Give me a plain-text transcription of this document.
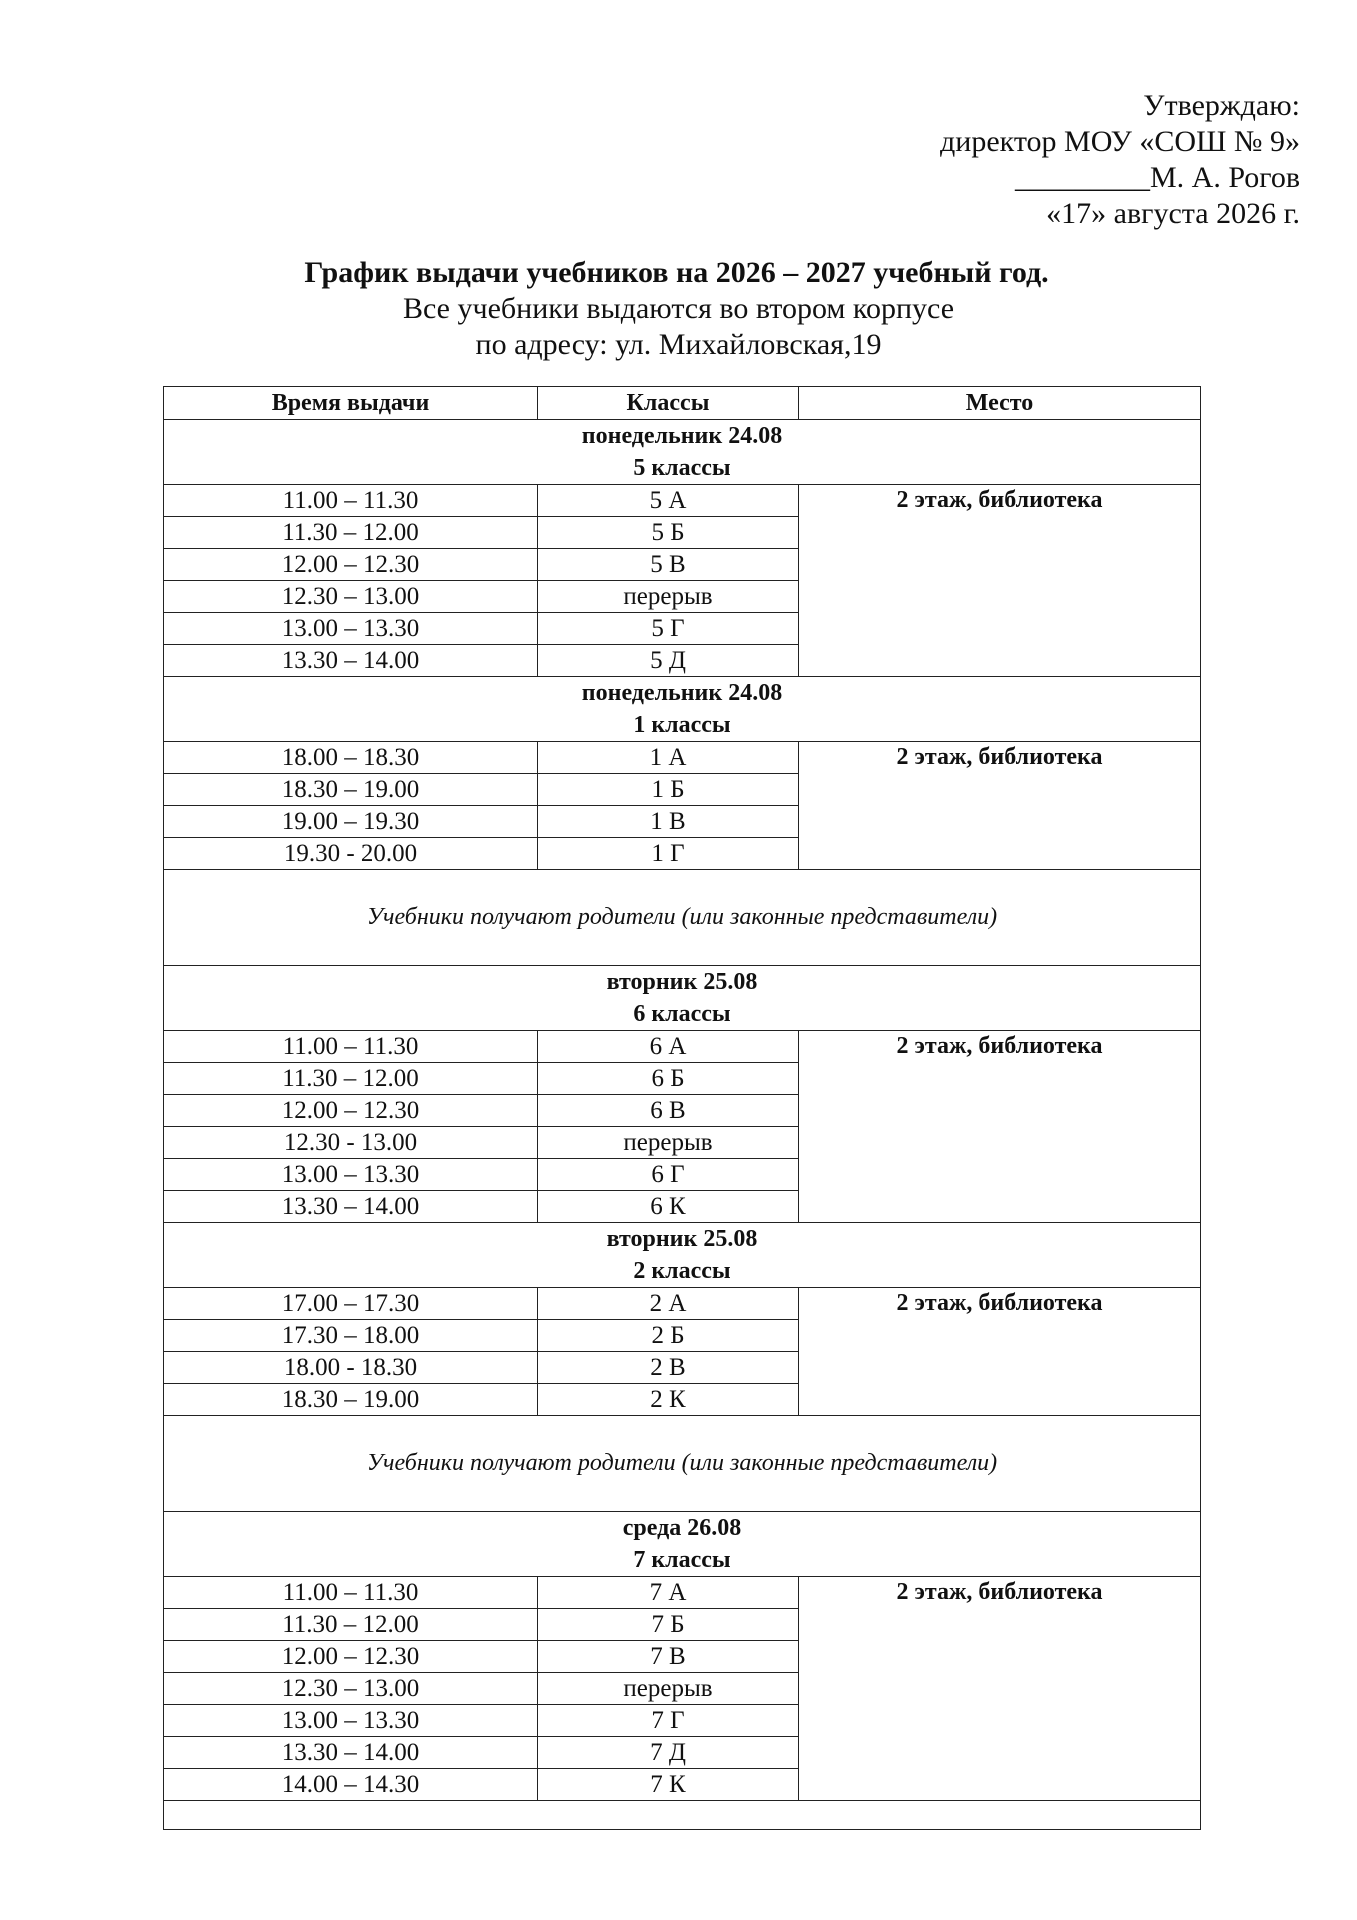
Утверждаю:
директор МОУ «СОШ № 9»
_________М. А. Рогов
«17» августа 2026 г.
График выдачи учебников на 2026 – 2027 учебный год.
Все учебники выдаются во втором корпусе
по адресу: ул. Михайловская,19
Время выдачи	Классы	Место

понедельник 24.08
5 классы		

11.00 – 11.30	5 А	2 этаж, библиотека
11.30 – 12.00	5 Б	
12.00 – 12.30	5 В	
12.30 – 13.00	перерыв	
13.00 – 13.30	5 Г	
13.30 – 14.00	5 Д	

понедельник 24.08
1 классы		

18.00 – 18.30	1 А	2 этаж, библиотека
18.30 – 19.00	1 Б	
19.00 – 19.30	1 В	
19.30 - 20.00	1 Г	
Учебники получают родители (или законные представители)		

вторник 25.08
6 классы		

11.00 – 11.30	6 А	2 этаж, библиотека
11.30 – 12.00	6 Б	
12.00 – 12.30	6 В	
12.30 - 13.00	перерыв	
13.00 – 13.30	6 Г	
13.30 – 14.00	6 К	

вторник 25.08
2 классы		

17.00 – 17.30	2 А	2 этаж, библиотека
17.30 – 18.00	2 Б	
18.00 - 18.30	2 В	
18.30 – 19.00	2 К	
Учебники получают родители (или законные представители)		

среда 26.08
7 классы		

11.00 – 11.30	7 А	2 этаж, библиотека
11.30 – 12.00	7 Б	
12.00 – 12.30	7 В	
12.30 – 13.00	перерыв	
13.00 – 13.30	7 Г	
13.30 – 14.00	7 Д	
14.00 – 14.30	7 К	
